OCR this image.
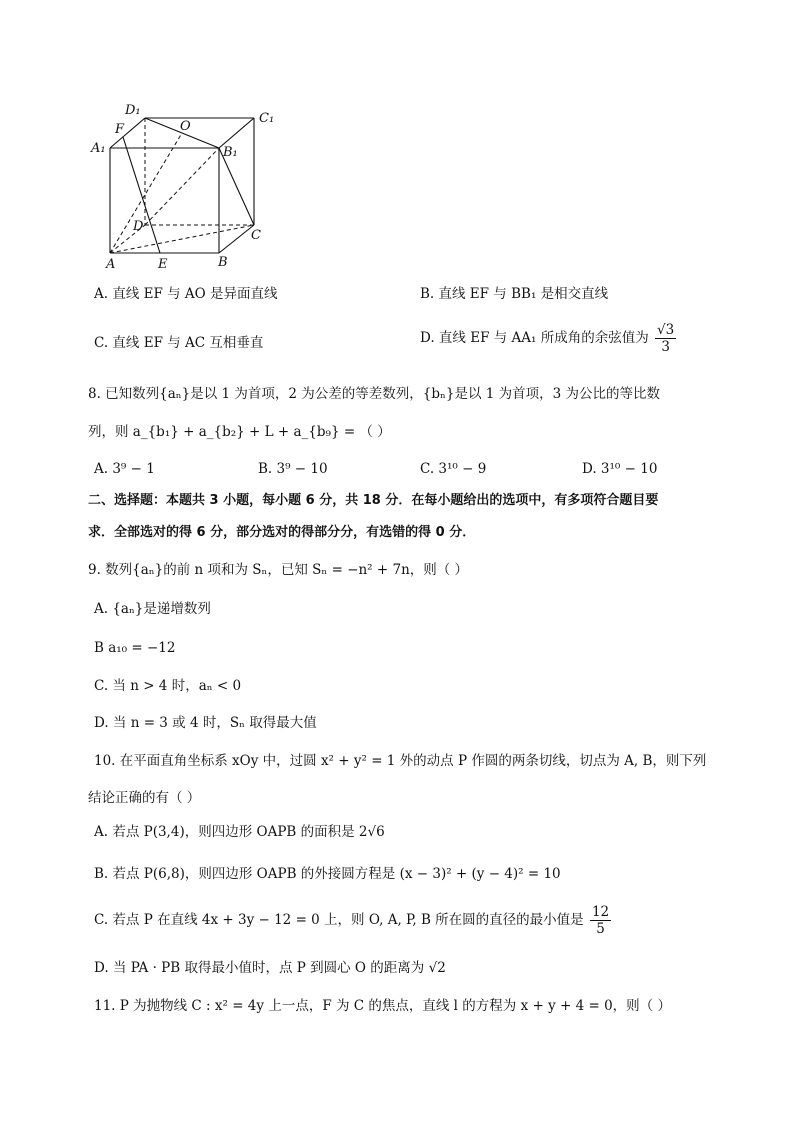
D₁
C₁
A₁	B₁
F	O
D
C
A	E	B
A. 直线 EF 与 AO 是异面直线	B. 直线 EF 与 BB₁ 是相交直线
C. 直线 EF 与 AC 互相垂直	D. 直线 EF 与 AA₁ 所成角的余弦值为 $\frac{√3}{3}$
8. 已知数列{aₙ}是以 1 为首项，2 为公差的等差数列，{bₙ}是以 1 为首项，3 为公比的等比数
列，则 a_{b₁} + a_{b₂} + L + a_{b₉} = （ ）
A. 3⁹ − 1	B. 3⁹ − 10	C. 3¹⁰ − 9	D. 3¹⁰ − 10
二、选择题：本题共 3 小题，每小题 6 分，共 18 分．在每小题给出的选项中，有多项符合题目要
求．全部选对的得 6 分，部分选对的得部分分，有选错的得 0 分．
9. 数列{aₙ}的前 n 项和为 Sₙ，已知 Sₙ = −n² + 7n，则（ ）
A. {aₙ}是递增数列
B a₁₀ = −12
C. 当 n > 4 时，aₙ < 0
D. 当 n = 3 或 4 时，Sₙ 取得最大值
10. 在平面直角坐标系 xOy 中，过圆 x² + y² = 1 外的动点 P 作圆的两条切线，切点为 A, B，则下列
结论正确的有（ ）
A. 若点 P(3,4)，则四边形 OAPB 的面积是 2√6
B. 若点 P(6,8)，则四边形 OAPB 的外接圆方程是 (x − 3)² + (y − 4)² = 10
C. 若点 P 在直线 4x + 3y − 12 = 0 上，则 O, A, P, B 所在圆的直径的最小值是 $\frac{12}{5}$
D. 当 PA · PB 取得最小值时，点 P 到圆心 O 的距离为 √2
11. P 为抛物线 C : x² = 4y 上一点，F 为 C 的焦点，直线 l 的方程为 x + y + 4 = 0，则（ ）
